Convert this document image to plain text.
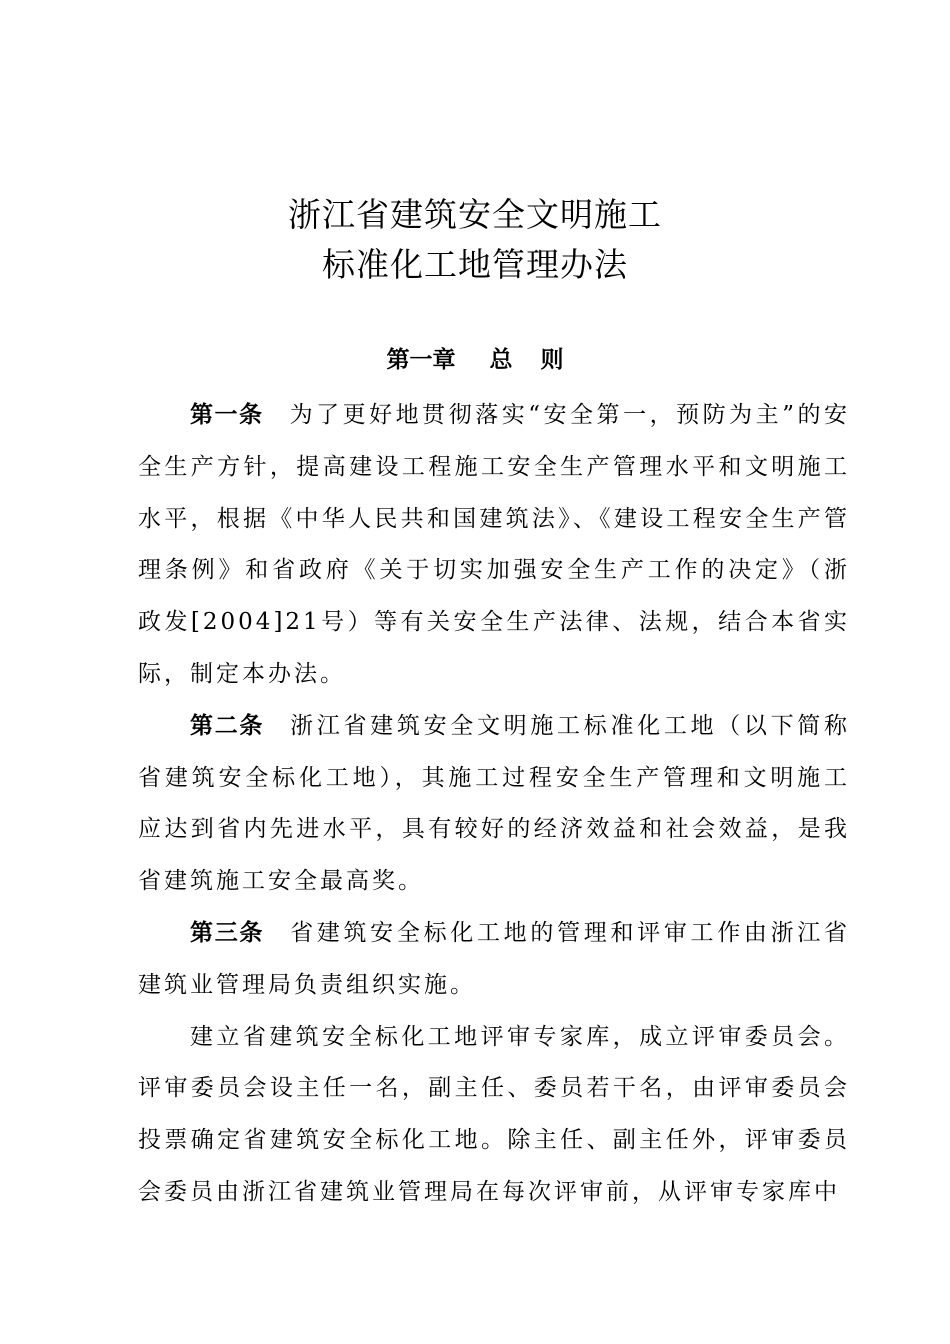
浙江省建筑安全文明施工
标准化工地管理办法
第一章 总 则

第一条 为了更好地贯彻落实“安全第一，预防为主”的安全生产方针，提高建设工程施工安全生产管理水平和文明施工水平，根据《中华人民共和国建筑法》、《建设工程安全生产管理条例》和省政府《关于切实加强安全生产工作的决定》（浙政发[2004]21号）等有关安全生产法律、法规，结合本省实际，制定本办法。

第二条 浙江省建筑安全文明施工标准化工地（以下简称省建筑安全标化工地），其施工过程安全生产管理和文明施工应达到省内先进水平，具有较好的经济效益和社会效益，是我省建筑施工安全最高奖。

第三条 省建筑安全标化工地的管理和评审工作由浙江省建筑业管理局负责组织实施。

建立省建筑安全标化工地评审专家库，成立评审委员会。评审委员会设主任一名，副主任、委员若干名，由评审委员会投票确定省建筑安全标化工地。除主任、副主任外，评审委员会委员由浙江省建筑业管理局在每次评审前，从评审专家库中
